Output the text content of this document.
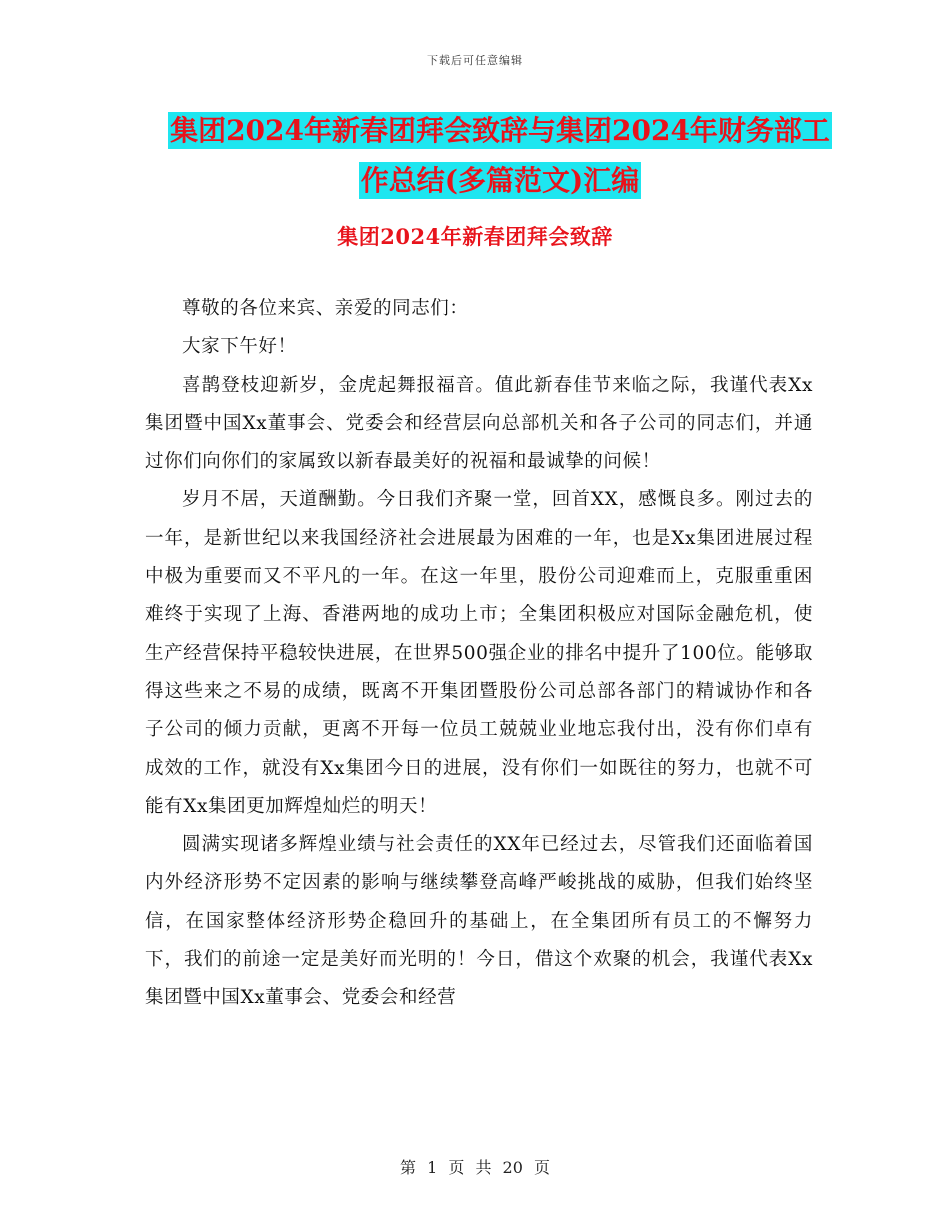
下载后可任意编辑
集团2024年新春团拜会致辞与集团2024年财务部工
作总结(多篇范文)汇编
集团2024年新春团拜会致辞

尊敬的各位来宾、亲爱的同志们：

大家下午好！

喜鹊登枝迎新岁，金虎起舞报福音。值此新春佳节来临之际，我谨代表Xx集团暨中国Xx董事会、党委会和经营层向总部机关和各子公司的同志们，并通过你们向你们的家属致以新春最美好的祝福和最诚挚的问候！

岁月不居，天道酬勤。今日我们齐聚一堂，回首XX，感慨良多。刚过去的一年，是新世纪以来我国经济社会进展最为困难的一年，也是Xx集团进展过程中极为重要而又不平凡的一年。在这一年里，股份公司迎难而上，克服重重困难终于实现了上海、香港两地的成功上市；全集团积极应对国际金融危机，使生产经营保持平稳较快进展，在世界500强企业的排名中提升了100位。能够取得这些来之不易的成绩，既离不开集团暨股份公司总部各部门的精诚协作和各子公司的倾力贡献，更离不开每一位员工兢兢业业地忘我付出，没有你们卓有成效的工作，就没有Xx集团今日的进展，没有你们一如既往的努力，也就不可能有Xx集团更加辉煌灿烂的明天！

圆满实现诸多辉煌业绩与社会责任的XX年已经过去，尽管我们还面临着国内外经济形势不定因素的影响与继续攀登高峰严峻挑战的威胁，但我们始终坚信，在国家整体经济形势企稳回升的基础上，在全集团所有员工的不懈努力下，我们的前途一定是美好而光明的！今日，借这个欢聚的机会，我谨代表Xx集团暨中国Xx董事会、党委会和经营

第 1 页 共 20 页
